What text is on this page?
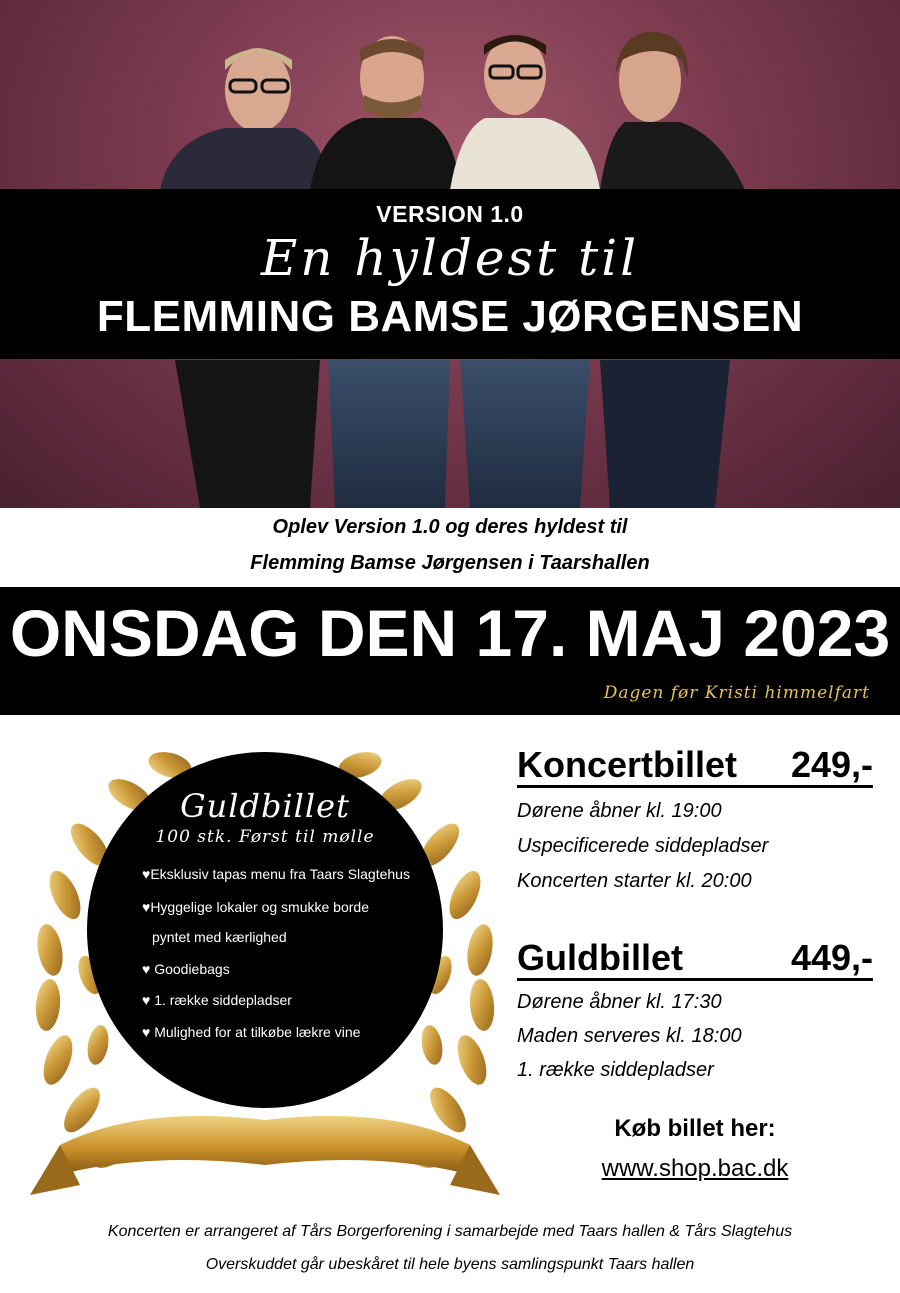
VERSION 1.0
En hyldest til
FLEMMING BAMSE JØRGENSEN
Oplev Version 1.0 og deres hyldest til
Flemming Bamse Jørgensen i Taarshallen
ONSDAG DEN 17. MAJ 2023
Dagen før Kristi himmelfart
Guldbillet
100 stk. Først til mølle
♥Eksklusiv tapas menu fra Taars Slagtehus
♥Hyggelige lokaler og smukke borde
pyntet med kærlighed
♥ Goodiebags
♥ 1. række siddepladser
♥ Mulighed for at tilkøbe lækre vine
Koncertbillet 249,-
Dørene åbner kl. 19:00
Uspecificerede siddepladser
Koncerten starter kl. 20:00
Guldbillet	449,-
Dørene åbner kl. 17:30
Maden serveres kl. 18:00
1. række siddepladser
Køb billet her:
www.shop.bac.dk
Koncerten er arrangeret af Tårs Borgerforening i samarbejde med Taars hallen & Tårs Slagtehus
Overskuddet går ubeskåret til hele byens samlingspunkt Taars hallen
